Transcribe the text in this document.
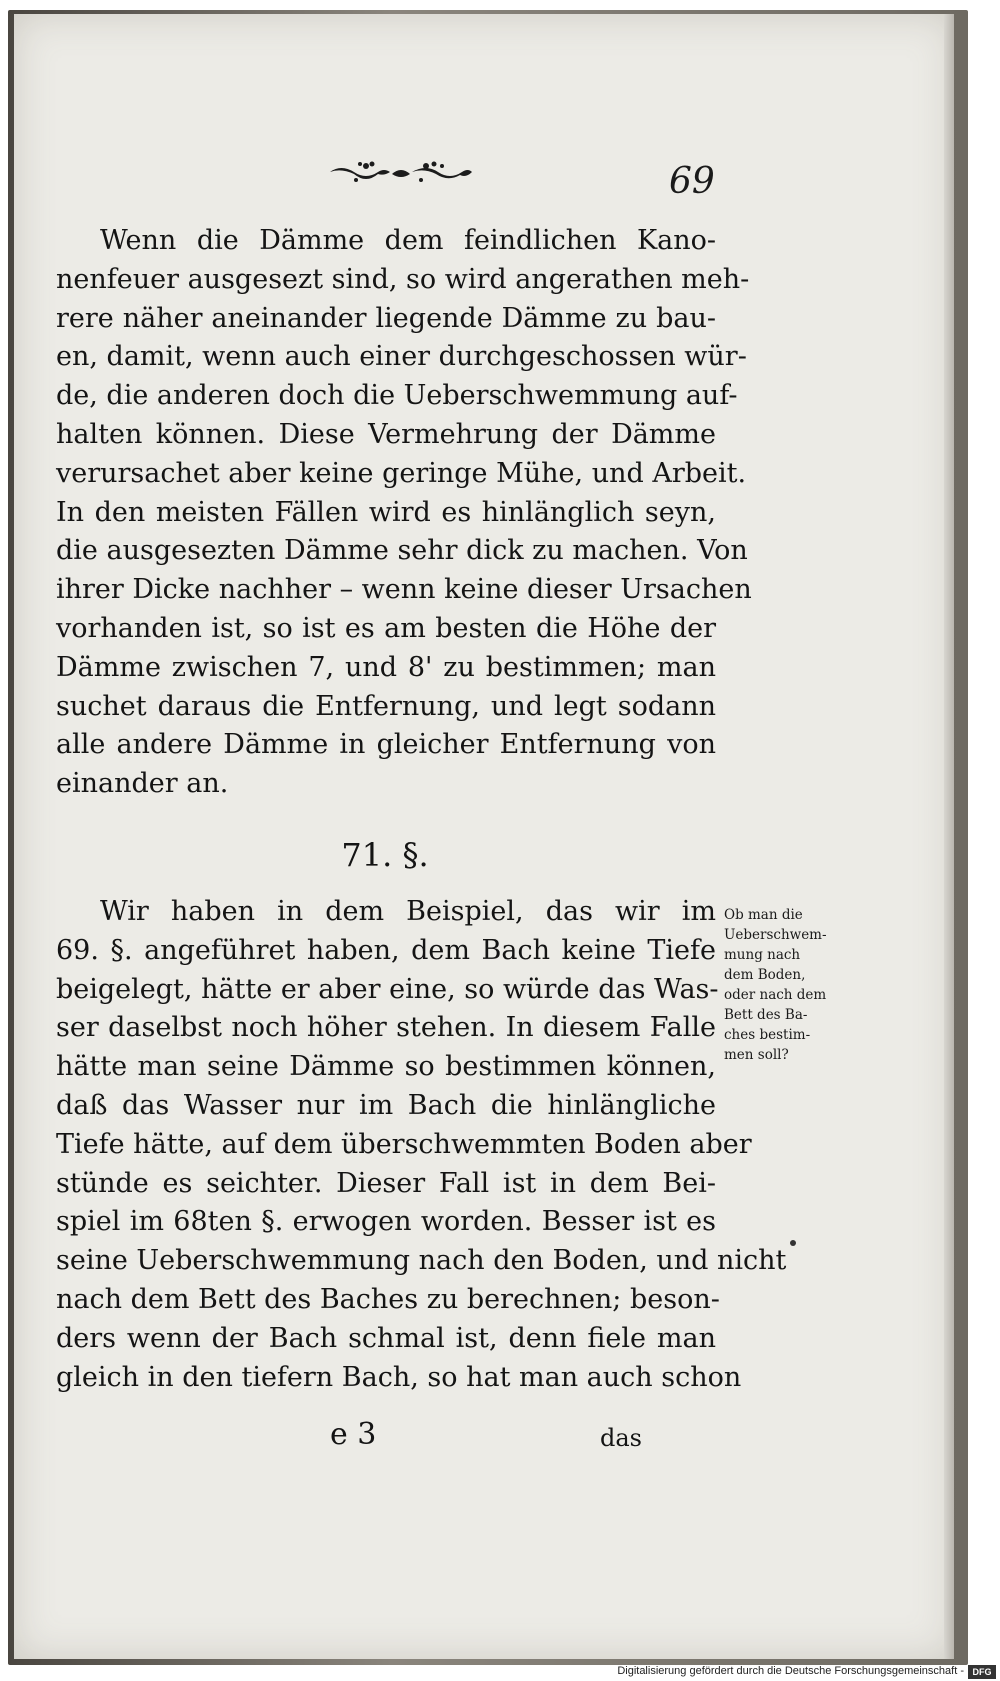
69
Wenn die Dämme dem feindlichen Kano-
nenfeuer ausgesezt sind, so wird angerathen meh-
rere näher aneinander liegende Dämme zu bau-
en, damit, wenn auch einer durchgeschossen wür-
de, die anderen doch die Ueberschwemmung auf-
halten können. Diese Vermehrung der Dämme
verursachet aber keine geringe Mühe, und Arbeit.
In den meisten Fällen wird es hinlänglich seyn,
die ausgesezten Dämme sehr dick zu machen. Von
ihrer Dicke nachher – wenn keine dieser Ursachen
vorhanden ist, so ist es am besten die Höhe der
Dämme zwischen 7, und 8' zu bestimmen; man
suchet daraus die Entfernung, und legt sodann
alle andere Dämme in gleicher Entfernung von
einander an.
71. §.
Wir haben in dem Beispiel, das wir im
69. §. angeführet haben, dem Bach keine Tiefe
beigelegt, hätte er aber eine, so würde das Was-
ser daselbst noch höher stehen. In diesem Falle
hätte man seine Dämme so bestimmen können,
daß das Wasser nur im Bach die hinlängliche
Tiefe hätte, auf dem überschwemmten Boden aber
stünde es seichter. Dieser Fall ist in dem Bei-
spiel im 68ten §. erwogen worden. Besser ist es
seine Ueberschwemmung nach den Boden, und nicht
nach dem Bett des Baches zu berechnen; beson-
ders wenn der Bach schmal ist, denn fiele man
gleich in den tiefern Bach, so hat man auch schon
Ob man die
Ueberschwem-
mung nach
dem Boden,
oder nach dem
Bett des Ba-
ches bestim-
men soll?
e 3	das
Digitalisierung gefördert durch die Deutsche Forschungsgemeinschaft - DFG
